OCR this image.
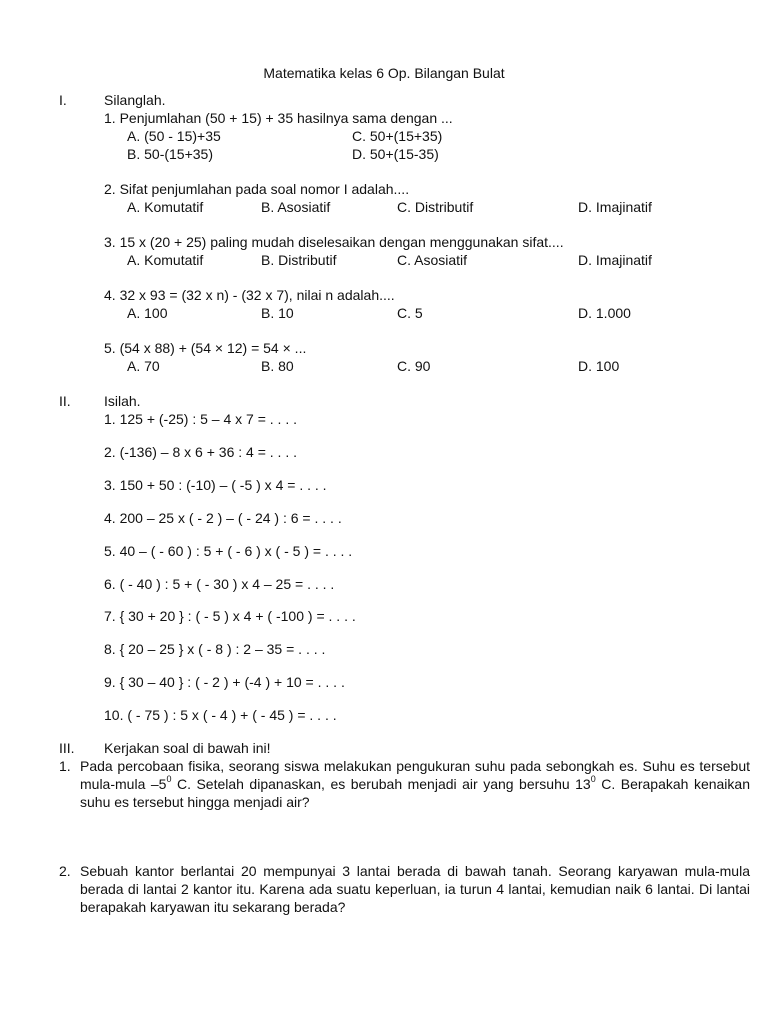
Matematika kelas 6 Op. Bilangan Bulat
I.	Silanglah.
1. Penjumlahan (50 + 15) + 35 hasilnya sama dengan ...
A. (50 - 15)+35	C. 50+(15+35)
B. 50-(15+35)	D. 50+(15-35)
2. Sifat penjumlahan pada soal nomor I adalah....
A. Komutatif	B. Asosiatif	C. Distributif	D. Imajinatif
3. 15 x (20 + 25) paling mudah diselesaikan dengan menggunakan sifat....
A. Komutatif	B. Distributif	C. Asosiatif	D. Imajinatif
4. 32 x 93 = (32 x n) - (32 x 7), nilai n adalah....
A. 100	B. 10	C. 5	D. 1.000
5. (54 x 88) + (54 × 12) = 54 × ...
A. 70	B. 80	C. 90	D. 100
II. Isilah.
1. 125 + (-25) : 5 – 4 x 7 = . . . .
2. (-136) – 8 x 6 + 36 : 4 = . . . .
3. 150 + 50 : (-10) – ( -5 ) x 4 = . . . .
4. 200 – 25 x ( - 2 ) – ( - 24 ) : 6 = . . . .
5. 40 – ( - 60 ) : 5 + ( - 6 ) x ( - 5 ) = . . . .
6. ( - 40 ) : 5 + ( - 30 ) x 4 – 25 = . . . .
7. { 30 + 20 } : ( - 5 ) x 4 + ( -100 ) = . . . .
8. { 20 – 25 } x ( - 8 ) : 2 – 35 = . . . .
9. { 30 – 40 } : ( - 2 ) + (-4 ) + 10 = . . . .
10. ( - 75 ) : 5 x ( - 4 ) + ( - 45 ) = . . . .
III. Kerjakan soal di bawah ini!
1. Pada percobaan fisika, seorang siswa melakukan pengukuran suhu pada sebongkah es. Suhu es tersebut mula-mula $-5^0$ C. Setelah dipanaskan, es berubah menjadi air yang bersuhu $13^0$ C. Berapakah kenaikan suhu es tersebut hingga menjadi air?
2. Sebuah kantor berlantai 20 mempunyai 3 lantai berada di bawah tanah. Seorang karyawan mula-mula berada di lantai 2 kantor itu. Karena ada suatu keperluan, ia turun 4 lantai, kemudian naik 6 lantai. Di lantai berapakah karyawan itu sekarang berada?
